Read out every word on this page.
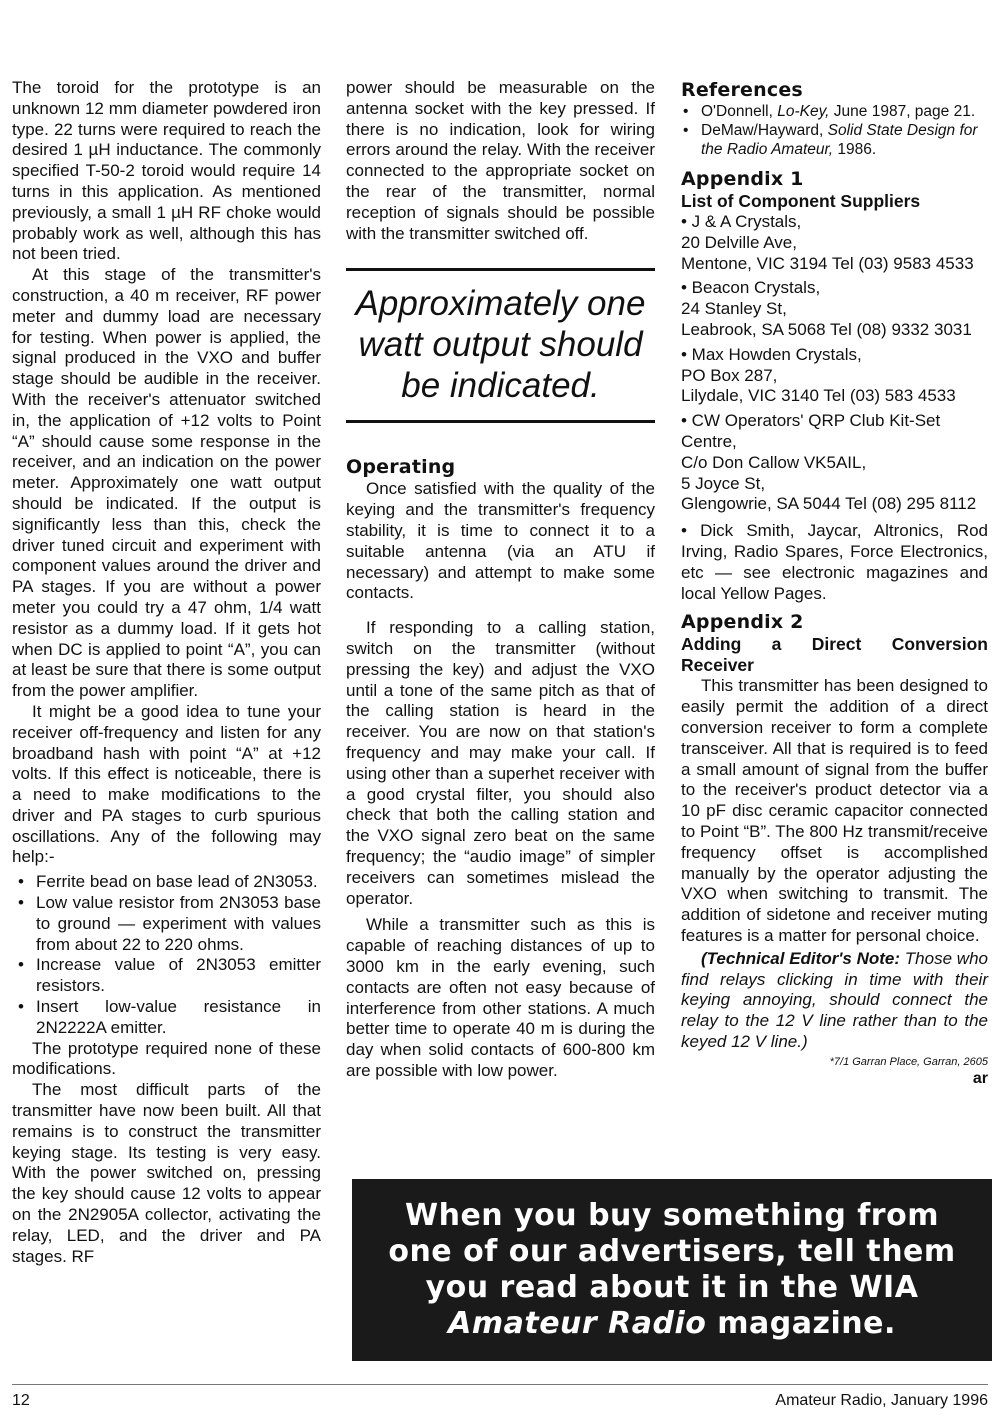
The toroid for the prototype is an unknown 12 mm diameter powdered iron type. 22 turns were required to reach the desired 1 µH inductance. The commonly specified T-50-2 toroid would require 14 turns in this application. As mentioned previously, a small 1 µH RF choke would probably work as well, although this has not been tried.

At this stage of the transmitter's construction, a 40 m receiver, RF power meter and dummy load are necessary for testing. When power is applied, the signal produced in the VXO and buffer stage should be audible in the receiver. With the receiver's attenuator switched in, the application of +12 volts to Point “A” should cause some response in the receiver, and an indication on the power meter. Approximately one watt output should be indicated. If the output is significantly less than this, check the driver tuned circuit and experiment with component values around the driver and PA stages. If you are without a power meter you could try a 47 ohm, 1/4 watt resistor as a dummy load. If it gets hot when DC is applied to point “A”, you can at least be sure that there is some output from the power amplifier.

It might be a good idea to tune your receiver off-frequency and listen for any broadband hash with point “A” at +12 volts. If this effect is noticeable, there is a need to make modifications to the driver and PA stages to curb spurious oscillations. Any of the following may help:-

• Ferrite bead on base lead of 2N3053.
• Low value resistor from 2N3053 base to ground — experiment with values from about 22 to 220 ohms.
• Increase value of 2N3053 emitter resistors.
• Insert low-value resistance in 2N2222A emitter.

The prototype required none of these modifications.

The most difficult parts of the transmitter have now been built. All that remains is to construct the transmitter keying stage. Its testing is very easy. With the power switched on, pressing the key should cause 12 volts to appear on the 2N2905A collector, activating the relay, LED, and the driver and PA stages. RF

power should be measurable on the antenna socket with the key pressed. If there is no indication, look for wiring errors around the relay. With the receiver connected to the appropriate socket on the rear of the transmitter, normal reception of signals should be possible with the transmitter switched off.

Approximately one watt output should be indicated.
Operating

Once satisfied with the quality of the keying and the transmitter's frequency stability, it is time to connect it to a suitable antenna (via an ATU if necessary) and attempt to make some contacts.

If responding to a calling station, switch on the transmitter (without pressing the key) and adjust the VXO until a tone of the same pitch as that of the calling station is heard in the receiver. You are now on that station's frequency and may make your call. If using other than a superhet receiver with a good crystal filter, you should also check that both the calling station and the VXO signal zero beat on the same frequency; the “audio image” of simpler receivers can sometimes mislead the operator.

While a transmitter such as this is capable of reaching distances of up to 3000 km in the early evening, such contacts are often not easy because of interference from other stations. A much better time to operate 40 m is during the day when solid contacts of 600-800 km are possible with low power.

References
• O'Donnell, Lo-Key, June 1987, page 21.
• DeMaw/Hayward, Solid State Design for the Radio Amateur, 1986.
Appendix 1
List of Component Suppliers
• J & A Crystals,
20 Delville Ave,
Mentone, VIC 3194 Tel (03) 9583 4533
• Beacon Crystals,
24 Stanley St,
Leabrook, SA 5068 Tel (08) 9332 3031
• Max Howden Crystals,
PO Box 287,
Lilydale, VIC 3140 Tel (03) 583 4533
• CW Operators' QRP Club Kit-Set Centre,
C/o Don Callow VK5AIL,
5 Joyce St,
Glengowrie, SA 5044 Tel (08) 295 8112

• Dick Smith, Jaycar, Altronics, Rod Irving, Radio Spares, Force Electronics, etc — see electronic magazines and local Yellow Pages.

Appendix 2
Adding a Direct Conversion
Receiver

This transmitter has been designed to easily permit the addition of a direct conversion receiver to form a complete transceiver. All that is required is to feed a small amount of signal from the buffer to the receiver's product detector via a 10 pF disc ceramic capacitor connected to Point “B”. The 800 Hz transmit/receive frequency offset is accomplished manually by the operator adjusting the VXO when switching to transmit. The addition of sidetone and receiver muting features is a matter for personal choice.

(Technical Editor's Note: Those who find relays clicking in time with their keying annoying, should connect the relay to the 12 V line rather than to the keyed 12 V line.)

*7/1 Garran Place, Garran, 2605
ar
When you buy something from
one of our advertisers, tell them
you read about it in the WIA
Amateur Radio magazine.
12	Amateur Radio, January 1996
